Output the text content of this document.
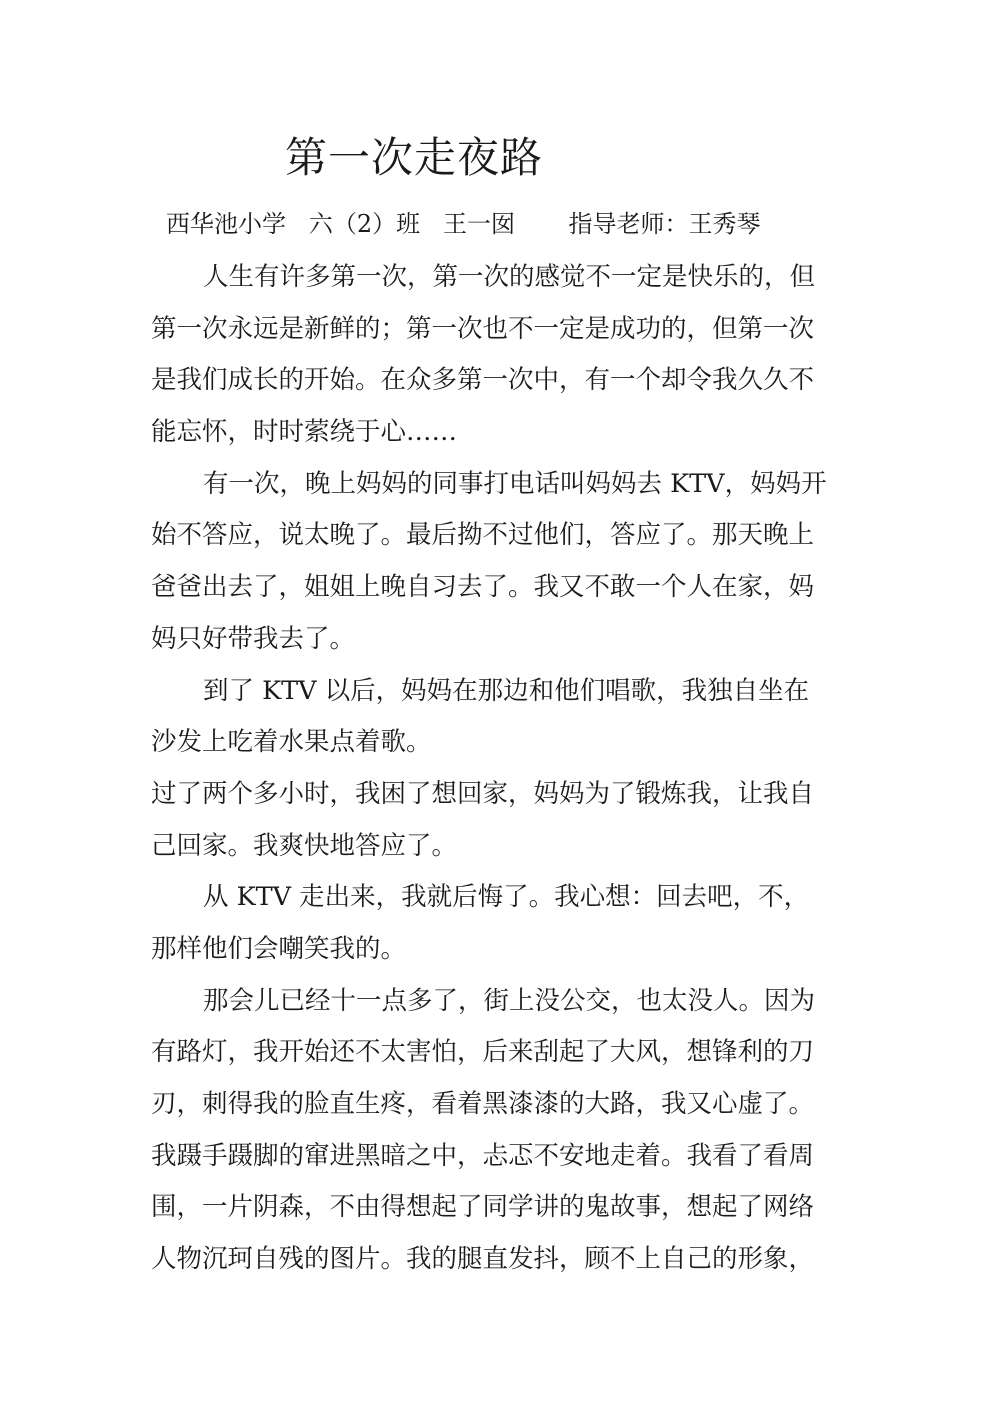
第一次走夜路
西华池小学   六（2）班   王一囡       指导老师：王秀琴
人生有许多第一次，第一次的感觉不一定是快乐的，但
第一次永远是新鲜的；第一次也不一定是成功的，但第一次
是我们成长的开始。在众多第一次中，有一个却令我久久不
能忘怀，时时萦绕于心……
有一次，晚上妈妈的同事打电话叫妈妈去 KTV，妈妈开
始不答应，说太晚了。最后拗不过他们，答应了。那天晚上
爸爸出去了，姐姐上晚自习去了。我又不敢一个人在家，妈
妈只好带我去了。
到了 KTV 以后，妈妈在那边和他们唱歌，我独自坐在
沙发上吃着水果点着歌。
过了两个多小时，我困了想回家，妈妈为了锻炼我，让我自
己回家。我爽快地答应了。
从 KTV 走出来，我就后悔了。我心想：回去吧，不，
那样他们会嘲笑我的。
那会儿已经十一点多了，街上没公交，也太没人。因为
有路灯，我开始还不太害怕，后来刮起了大风，想锋利的刀
刃，刺得我的脸直生疼，看着黑漆漆的大路，我又心虚了。
我蹑手蹑脚的窜进黑暗之中，忐忑不安地走着。我看了看周
围，一片阴森，不由得想起了同学讲的鬼故事，想起了网络
人物沉珂自残的图片。我的腿直发抖，顾不上自己的形象，
